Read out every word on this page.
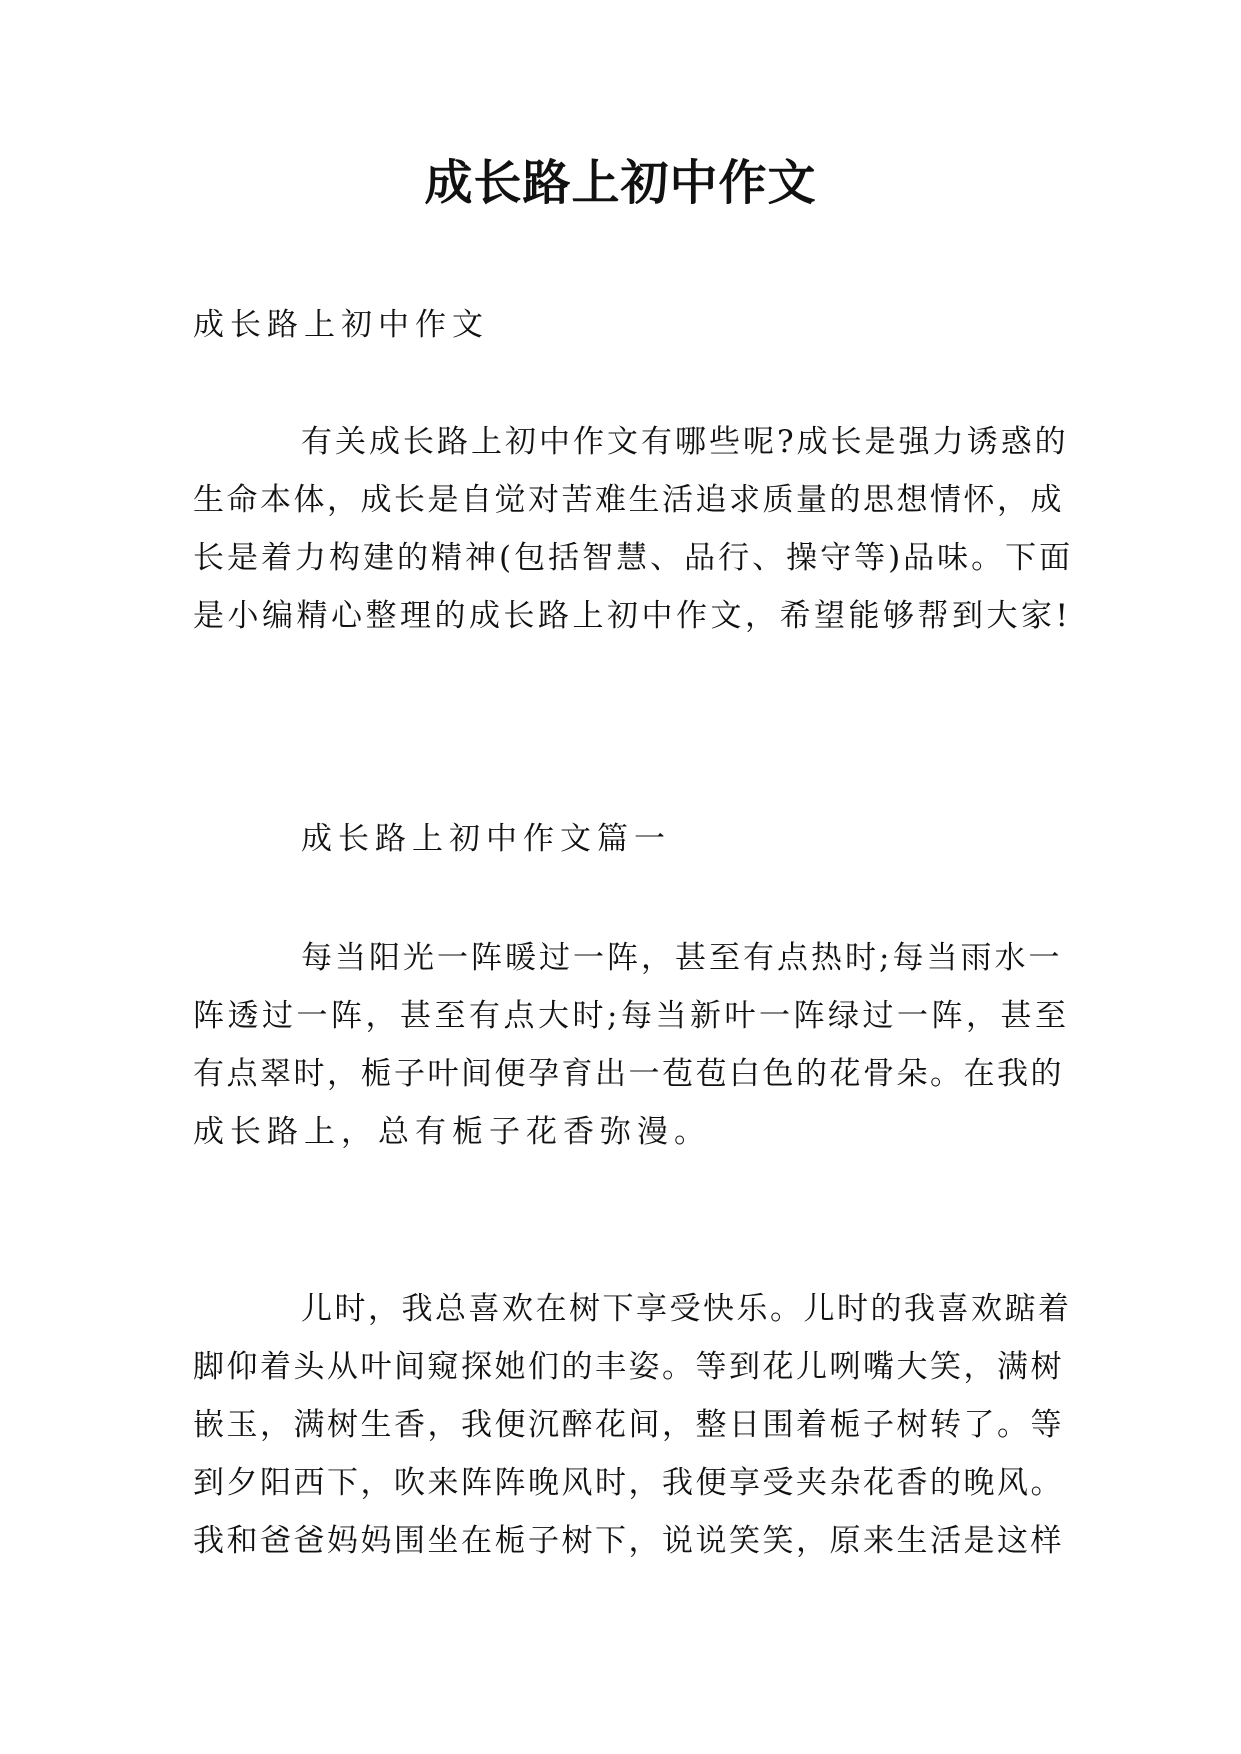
成长路上初中作文
成长路上初中作文
有关成长路上初中作文有哪些呢?成长是强力诱惑的
生命本体，成长是自觉对苦难生活追求质量的思想情怀，成
长是着力构建的精神(包括智慧、品行、操守等)品味。下面
是小编精心整理的成长路上初中作文，希望能够帮到大家!
成长路上初中作文篇一
每当阳光一阵暖过一阵，甚至有点热时;每当雨水一
阵透过一阵，甚至有点大时;每当新叶一阵绿过一阵，甚至
有点翠时，栀子叶间便孕育出一苞苞白色的花骨朵。在我的
成长路上，总有栀子花香弥漫。
儿时，我总喜欢在树下享受快乐。儿时的我喜欢踮着
脚仰着头从叶间窥探她们的丰姿。等到花儿咧嘴大笑，满树
嵌玉，满树生香，我便沉醉花间，整日围着栀子树转了。等
到夕阳西下，吹来阵阵晚风时，我便享受夹杂花香的晚风。
我和爸爸妈妈围坐在栀子树下，说说笑笑，原来生活是这样
